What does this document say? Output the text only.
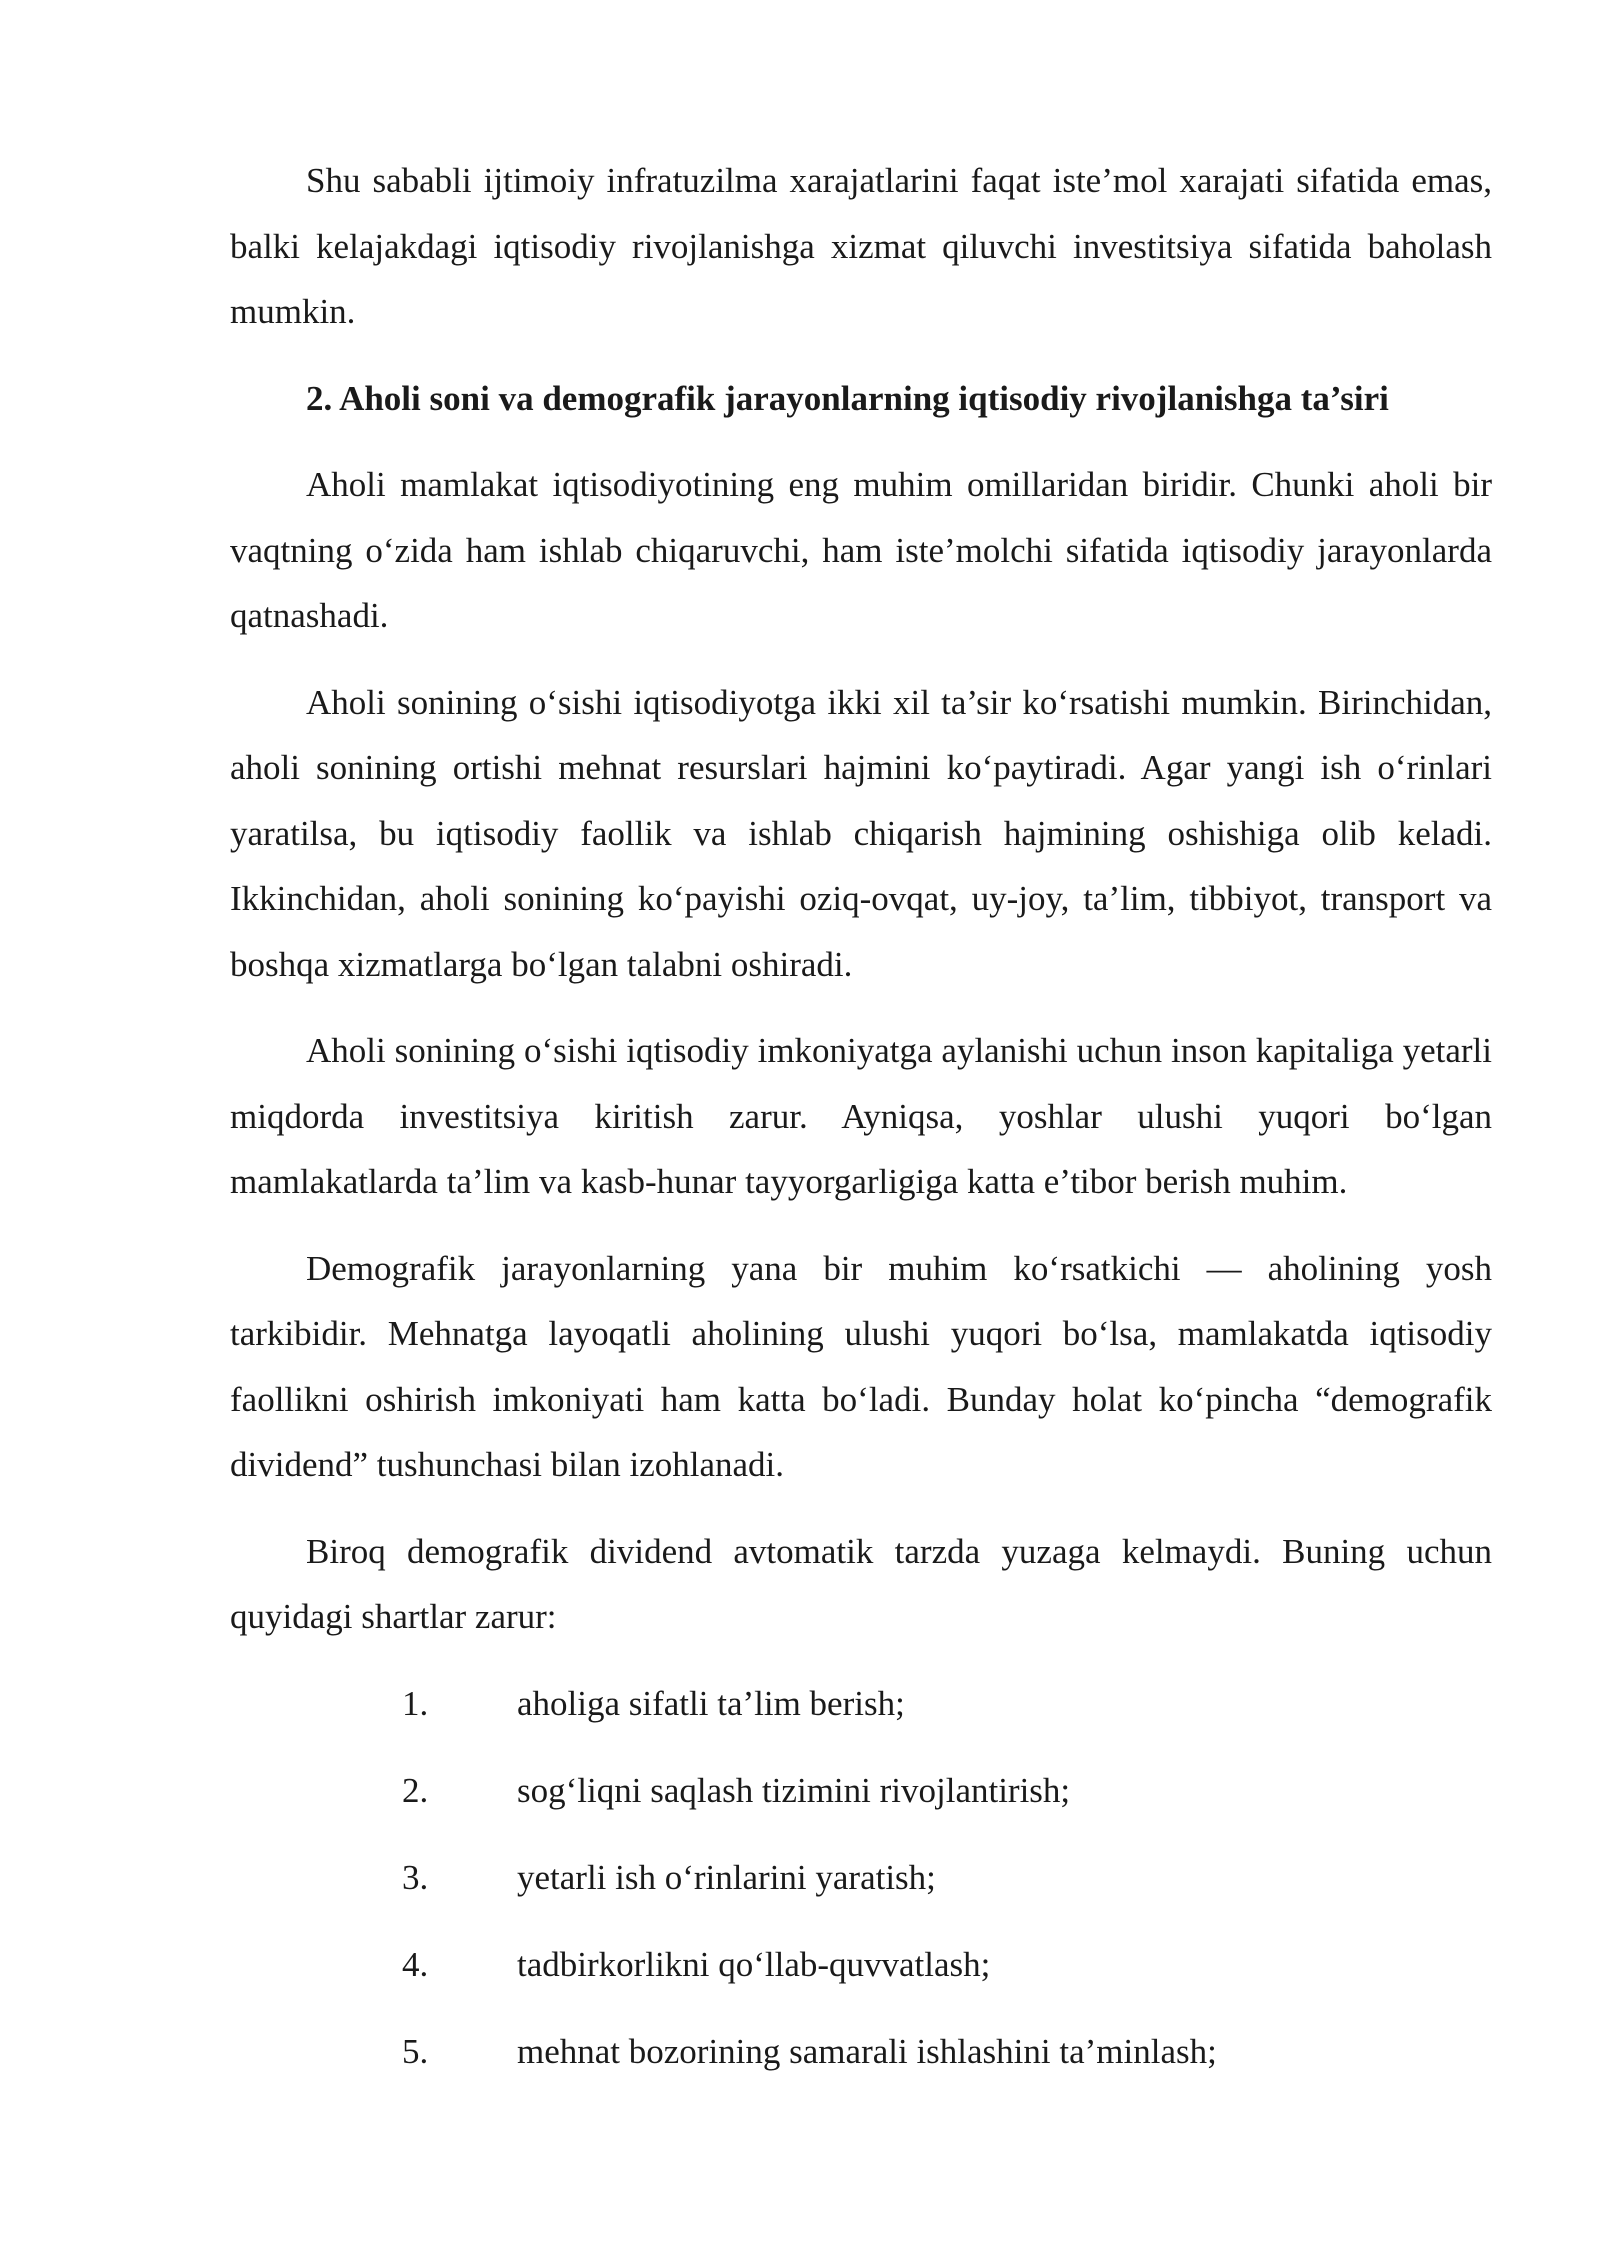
Shu sababli ijtimoiy infratuzilma xarajatlarini faqat iste’mol xarajati sifatida emas, balki kelajakdagi iqtisodiy rivojlanishga xizmat qiluvchi investitsiya sifatida baholash mumkin.

2. Aholi soni va demografik jarayonlarning iqtisodiy rivojlanishga ta’siri

Aholi mamlakat iqtisodiyotining eng muhim omillaridan biridir. Chunki aholi bir vaqtning o‘zida ham ishlab chiqaruvchi, ham iste’molchi sifatida iqtisodiy jarayonlarda qatnashadi.

Aholi sonining o‘sishi iqtisodiyotga ikki xil ta’sir ko‘rsatishi mumkin. Birinchidan, aholi sonining ortishi mehnat resurslari hajmini ko‘paytiradi. Agar yangi ish o‘rinlari yaratilsa, bu iqtisodiy faollik va ishlab chiqarish hajmining oshishiga olib keladi. Ikkinchidan, aholi sonining ko‘payishi oziq-ovqat, uy-joy, ta’lim, tibbiyot, transport va boshqa xizmatlarga bo‘lgan talabni oshiradi.

Aholi sonining o‘sishi iqtisodiy imkoniyatga aylanishi uchun inson kapitaliga yetarli miqdorda investitsiya kiritish zarur. Ayniqsa, yoshlar ulushi yuqori bo‘lgan mamlakatlarda ta’lim va kasb-hunar tayyorgarligiga katta e’tibor berish muhim.

Demografik jarayonlarning yana bir muhim ko‘rsatkichi — aholining yosh tarkibidir. Mehnatga layoqatli aholining ulushi yuqori bo‘lsa, mamlakatda iqtisodiy faollikni oshirish imkoniyati ham katta bo‘ladi. Bunday holat ko‘pincha “demografik dividend” tushunchasi bilan izohlanadi.

Biroq demografik dividend avtomatik tarzda yuzaga kelmaydi. Buning uchun quyidagi shartlar zarur:

1.	aholiga sifatli ta’lim berish;
2.	sog‘liqni saqlash tizimini rivojlantirish;
3.	yetarli ish o‘rinlarini yaratish;
4.	tadbirkorlikni qo‘llab-quvvatlash;
5.	mehnat bozorining samarali ishlashini ta’minlash;
